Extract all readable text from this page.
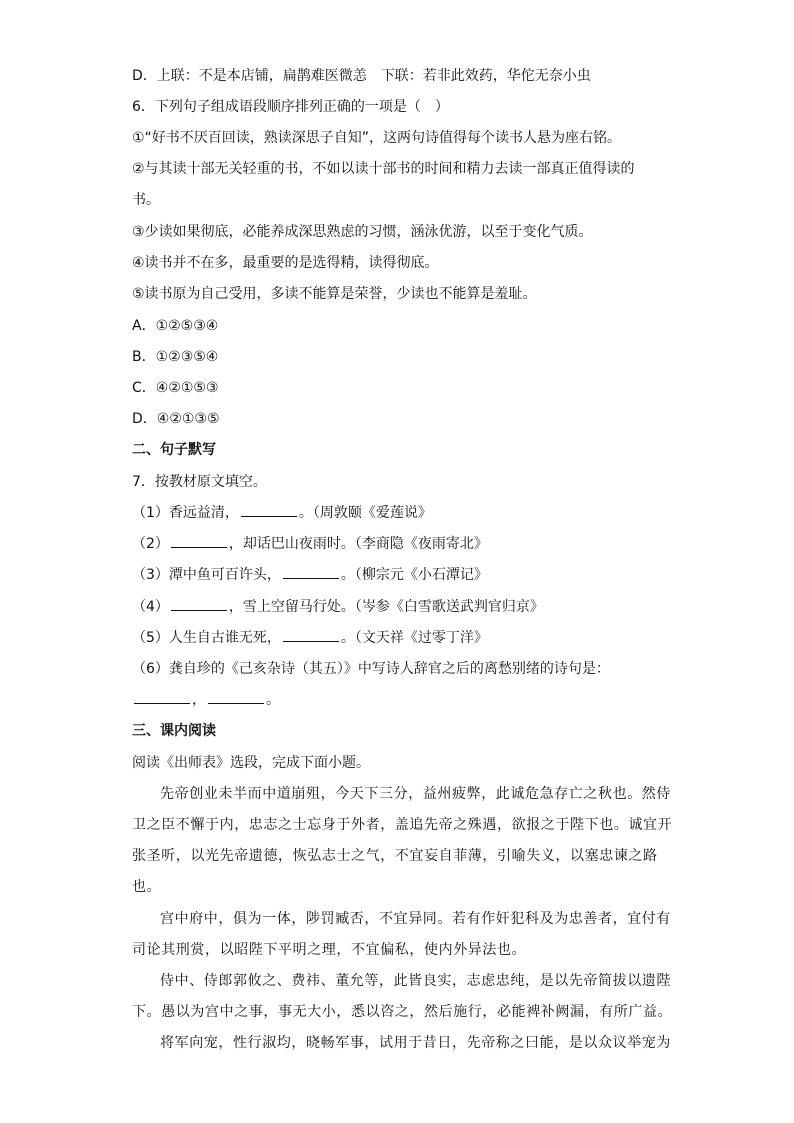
D．上联：不是本店铺，扁鹊难医微恙　下联：若非此效药，华佗无奈小虫
6．下列句子组成语段顺序排列正确的一项是（　）
①“好书不厌百回读，熟读深思子自知”，这两句诗值得每个读书人悬为座右铭。
②与其读十部无关轻重的书，不如以读十部书的时间和精力去读一部真正值得读的
书。
③少读如果彻底，必能养成深思熟虑的习惯，涵泳优游，以至于变化气质。
④读书并不在多，最重要的是选得精，读得彻底。
⑤读书原为自己受用，多读不能算是荣誉，少读也不能算是羞耻。
A．①②⑤③④
B．①②③⑤④
C．④②①⑤③
D．④②①③⑤
二、句子默写
7．按教材原文填空。
（1）香远益清，	。（周敦颐《爱莲说》
（2）	，却话巴山夜雨时。（李商隐《夜雨寄北》
（3）潭中鱼可百许头，	。（柳宗元《小石潭记》
（4）	，雪上空留马行处。（岑参《白雪歌送武判官归京》
（5）人生自古谁无死，	。（文天祥《过零丁洋》
（6）龚自珍的《己亥杂诗（其五）》中写诗人辞官之后的离愁别绪的诗句是：
，	。
三、课内阅读
阅读《出师表》选段，完成下面小题。
先帝创业未半而中道崩殂，今天下三分，益州疲弊，此诚危急存亡之秋也。然侍
卫之臣不懈于内，忠志之士忘身于外者，盖追先帝之殊遇，欲报之于陛下也。诚宜开
张圣听，以光先帝遗德，恢弘志士之气，不宜妄自菲薄，引喻失义，以塞忠谏之路
也。
宫中府中，俱为一体，陟罚臧否，不宜异同。若有作奸犯科及为忠善者，宜付有
司论其刑赏，以昭陛下平明之理，不宜偏私，使内外异法也。
侍中、侍郎郭攸之、费祎、董允等，此皆良实，志虑忠纯，是以先帝简拔以遗陛
下。愚以为宫中之事，事无大小，悉以咨之，然后施行，必能裨补阙漏，有所广益。
将军向宠，性行淑均，晓畅军事，试用于昔日，先帝称之曰能，是以众议举宠为
